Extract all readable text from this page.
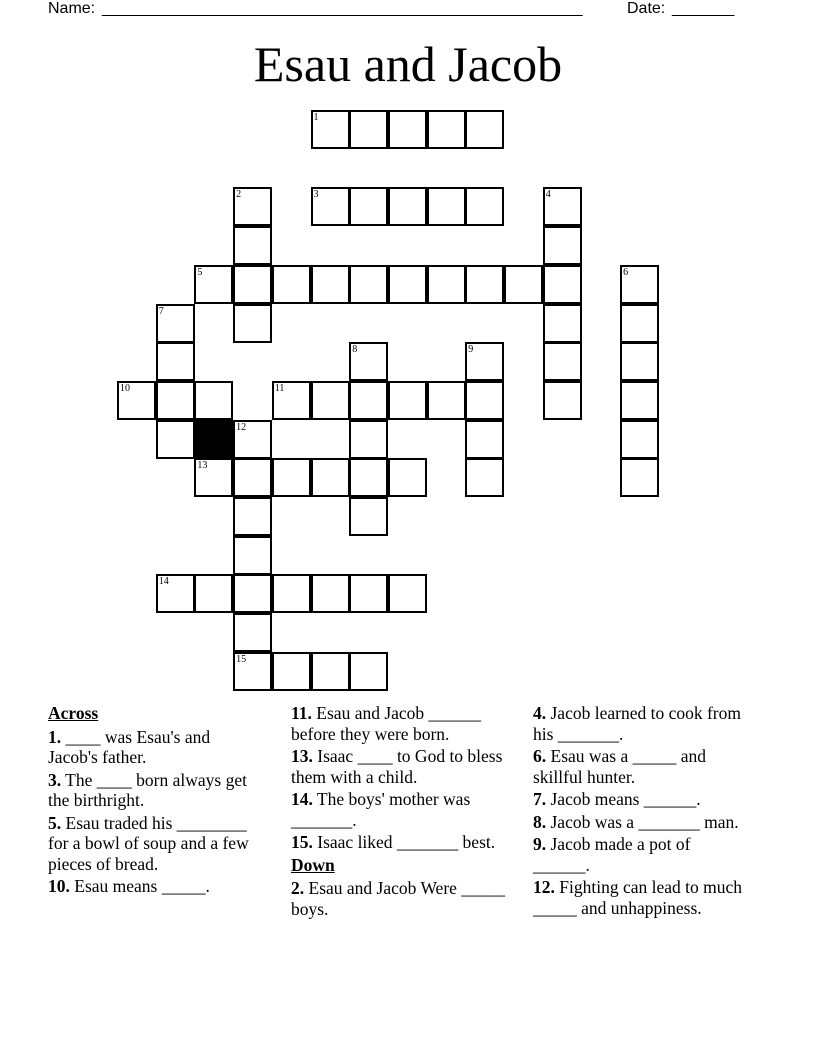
Name: ______________________________________________________	Date: _______
Esau and Jacob
1
2	3	4
5	6
7
8	9
10	11
12
13
14
15
Across
1. ____ was Esau's and Jacob's father.
3. The ____ born always get the birthright.
5. Esau traded his ________ for a bowl of soup and a few pieces of bread.
10. Esau means _____.
11. Esau and Jacob ______ before they were born.
13. Isaac ____ to God to bless them with a child.
14. The boys' mother was _______.
15. Isaac liked _______ best.
Down
2. Esau and Jacob Were _____ boys.
4. Jacob learned to cook from his _______.
6. Esau was a _____ and skillful hunter.
7. Jacob means ______.
8. Jacob was a _______ man.
9. Jacob made a pot of ______.
12. Fighting can lead to much _____ and unhappiness.
